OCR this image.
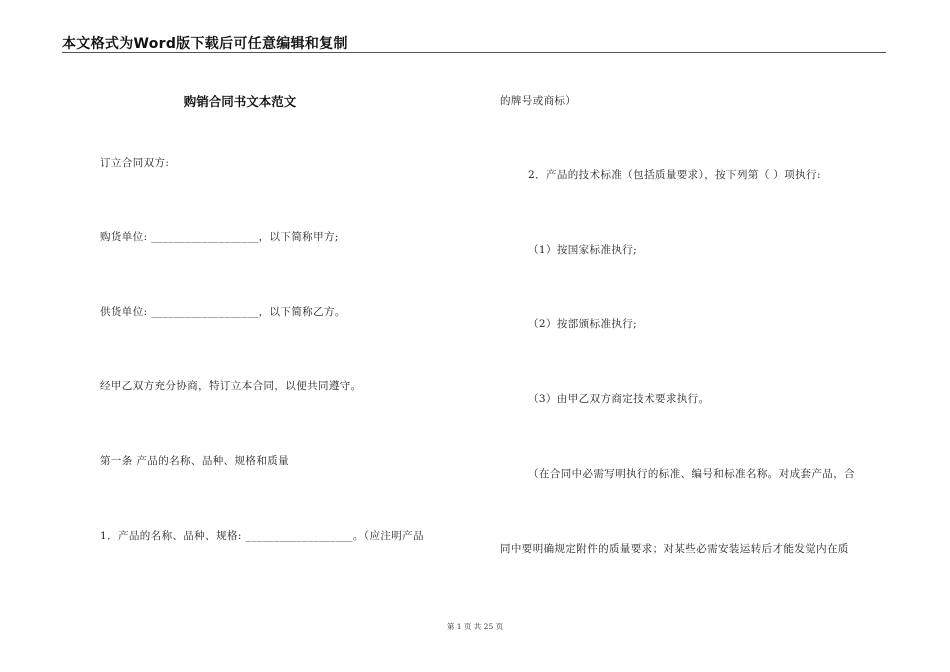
本文格式为Word版下载后可任意编辑和复制
购销合同书文本范文
订立合同双方:
购货单位: ___________________，以下简称甲方;
供货单位: ___________________，以下简称乙方。
经甲乙双方充分协商，特订立本合同，以便共同遵守。
第一条 产品的名称、品种、规格和质量
1．产品的名称、品种、规格: ___________________。（应注明产品
的牌号或商标）
2．产品的技术标准（包括质量要求），按下列第（ ）项执行:
（1）按国家标准执行;
（2）按部颁标准执行;
（3）由甲乙双方商定技术要求执行。
（在合同中必需写明执行的标准、编号和标准名称。对成套产品，合
同中要明确规定附件的质量要求；对某些必需安装运转后才能发觉内在质
第 1 页 共 25 页
